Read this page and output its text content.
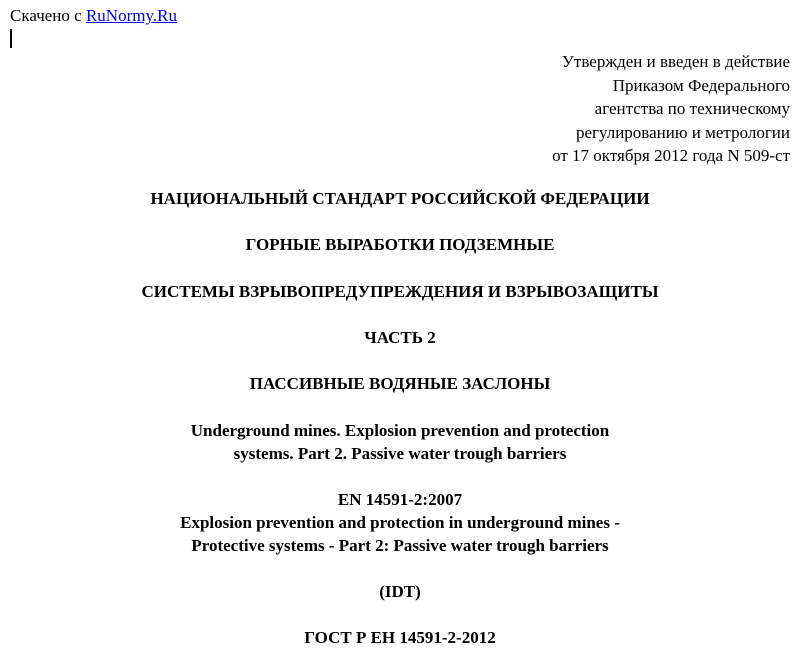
Скачено с RuNormy.Ru
Утвержден и введен в действие
Приказом Федерального
агентства по техническому
регулированию и метрологии
от 17 октября 2012 года N 509-ст
НАЦИОНАЛЬНЫЙ СТАНДАРТ РОССИЙСКОЙ ФЕДЕРАЦИИ
ГОРНЫЕ ВЫРАБОТКИ ПОДЗЕМНЫЕ
СИСТЕМЫ ВЗРЫВОПРЕДУПРЕЖДЕНИЯ И ВЗРЫВОЗАЩИТЫ
ЧАСТЬ 2
ПАССИВНЫЕ ВОДЯНЫЕ ЗАСЛОНЫ
Underground mines. Explosion prevention and protection
systems. Part 2. Passive water trough barriers
EN 14591-2:2007
Explosion prevention and protection in underground mines -
Protective systems - Part 2: Passive water trough barriers
(IDT)
ГОСТ Р ЕН 14591-2-2012
